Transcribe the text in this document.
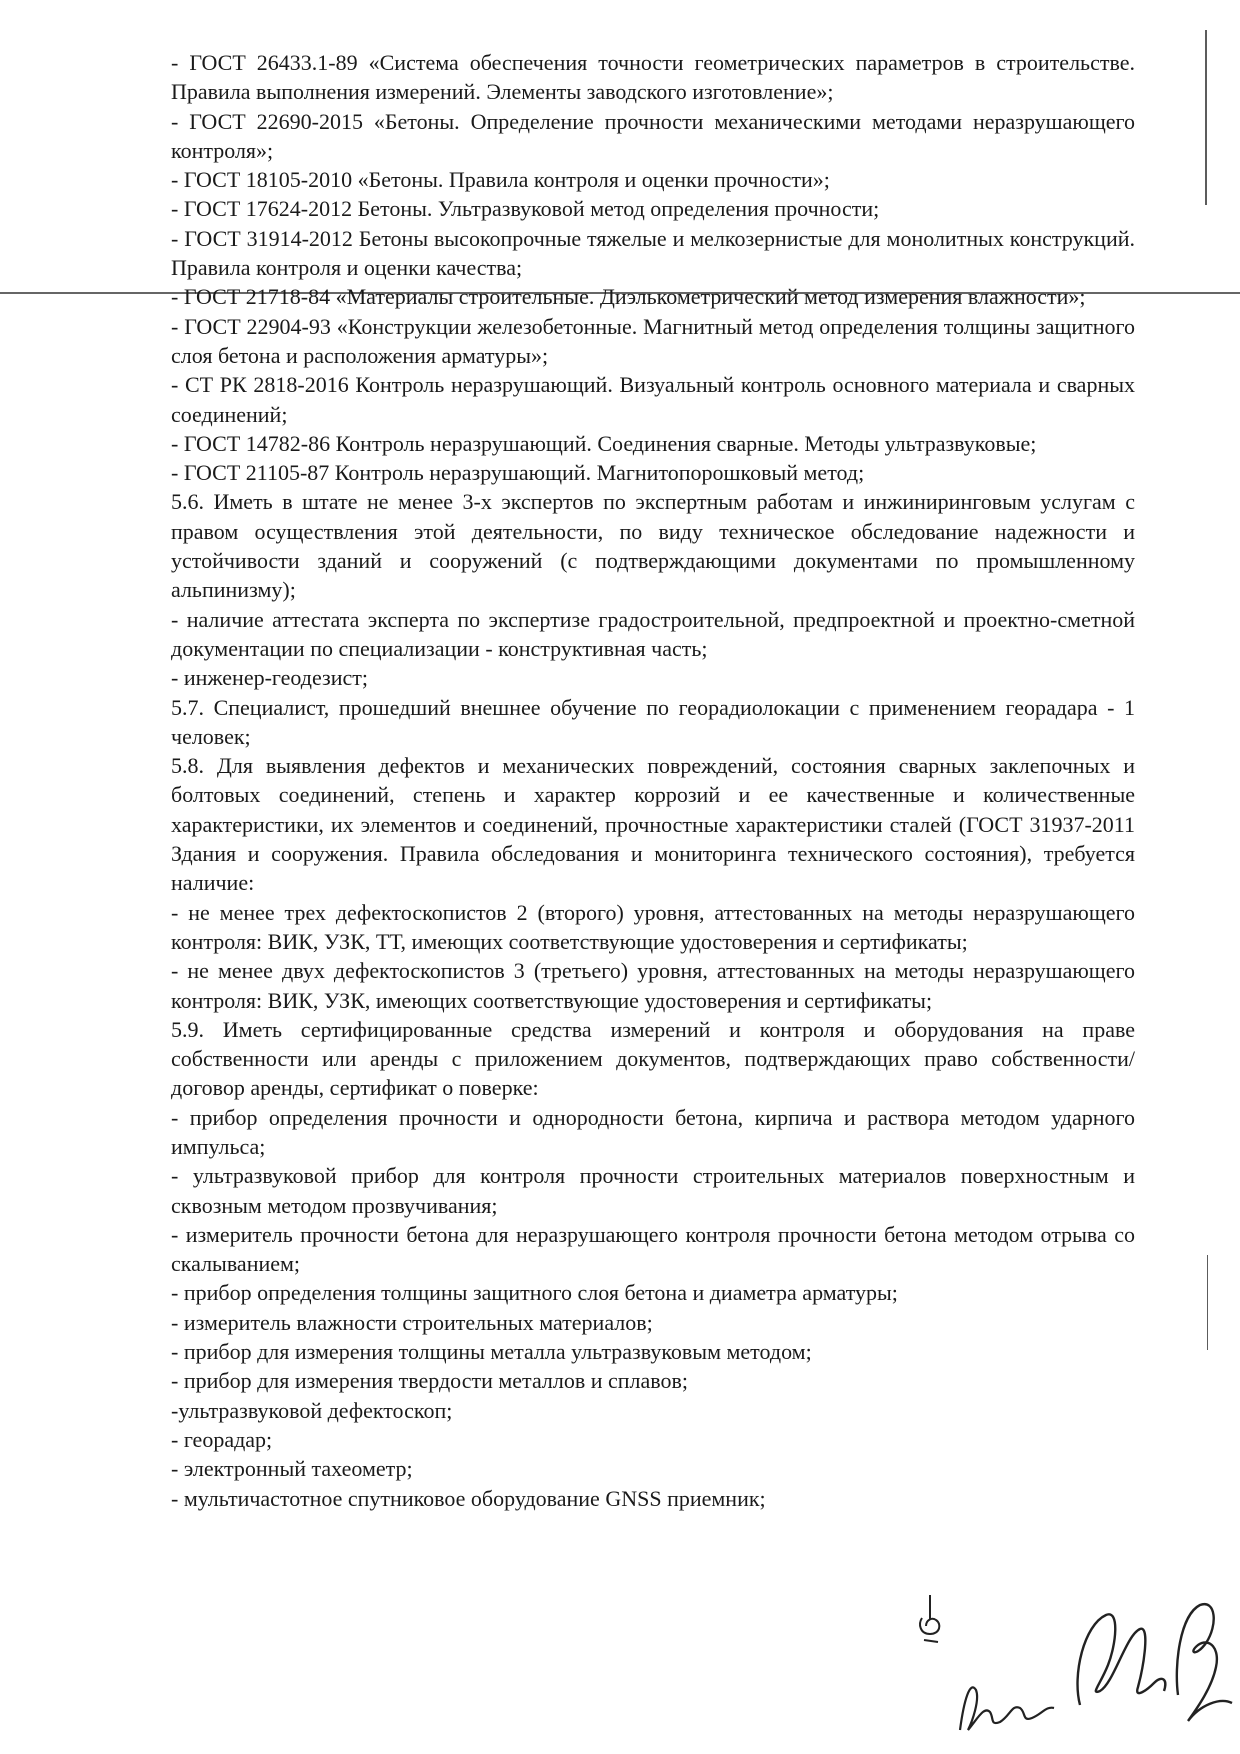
- ГОСТ 26433.1-89 «Система обеспечения точности геометрических параметров в строительстве. Правила выполнения измерений. Элементы заводского изготовление»;

- ГОСТ 22690-2015 «Бетоны. Определение прочности механическими методами неразрушающего контроля»;

- ГОСТ 18105-2010 «Бетоны. Правила контроля и оценки прочности»;

- ГОСТ 17624-2012 Бетоны. Ультразвуковой метод определения прочности;

- ГОСТ 31914-2012 Бетоны высокопрочные тяжелые и мелкозернистые для монолитных конструкций. Правила контроля и оценки качества;

- ГОСТ 21718-84 «Материалы строительные. Диэлькометрический метод измерения влажности»;

- ГОСТ 22904-93 «Конструкции железобетонные. Магнитный метод определения толщины защитного слоя бетона и расположения арматуры»;

- СТ РК 2818-2016 Контроль неразрушающий. Визуальный контроль основного материала и сварных соединений;

- ГОСТ 14782-86 Контроль неразрушающий. Соединения сварные. Методы ультразвуковые;

- ГОСТ 21105-87 Контроль неразрушающий. Магнитопорошковый метод;

5.6. Иметь в штате не менее 3-х экспертов по экспертным работам и инжиниринговым услугам с правом осуществления этой деятельности, по виду техническое обследование надежности и устойчивости зданий и сооружений (с подтверждающими документами по промышленному альпинизму);

- наличие аттестата эксперта по экспертизе градостроительной, предпроектной и проектно-сметной документации по специализации - конструктивная часть;

- инженер-геодезист;

5.7. Специалист, прошедший внешнее обучение по георадиолокации с применением георадара - 1 человек;

5.8. Для выявления дефектов и механических повреждений, состояния сварных заклепочных и болтовых соединений, степень и характер коррозий и ее качественные и количественные характеристики, их элементов и соединений, прочностные характеристики сталей (ГОСТ 31937-2011 Здания и сооружения. Правила обследования и мониторинга технического состояния), требуется наличие:

- не менее трех дефектоскопистов 2 (второго) уровня, аттестованных на методы неразрушающего контроля: ВИК, УЗК, ТТ, имеющих соответствующие удостоверения и сертификаты;

- не менее двух дефектоскопистов 3 (третьего) уровня, аттестованных на методы неразрушающего контроля: ВИК, УЗК, имеющих соответствующие удостоверения и сертификаты;

5.9. Иметь сертифицированные средства измерений и контроля и оборудования на праве собственности или аренды с приложением документов, подтверждающих право собственности/договор аренды, сертификат о поверке:

- прибор определения прочности и однородности бетона, кирпича и раствора методом ударного импульса;

- ультразвуковой прибор для контроля прочности строительных материалов поверхностным и сквозным методом прозвучивания;

- измеритель прочности бетона для неразрушающего контроля прочности бетона методом отрыва со скалыванием;

- прибор определения толщины защитного слоя бетона и диаметра арматуры;

- измеритель влажности строительных материалов;

- прибор для измерения толщины металла ультразвуковым методом;

- прибор для измерения твердости металлов и сплавов;

-ультразвуковой дефектоскоп;

- георадар;

- электронный тахеометр;

- мультичастотное спутниковое оборудование GNSS приемник;
